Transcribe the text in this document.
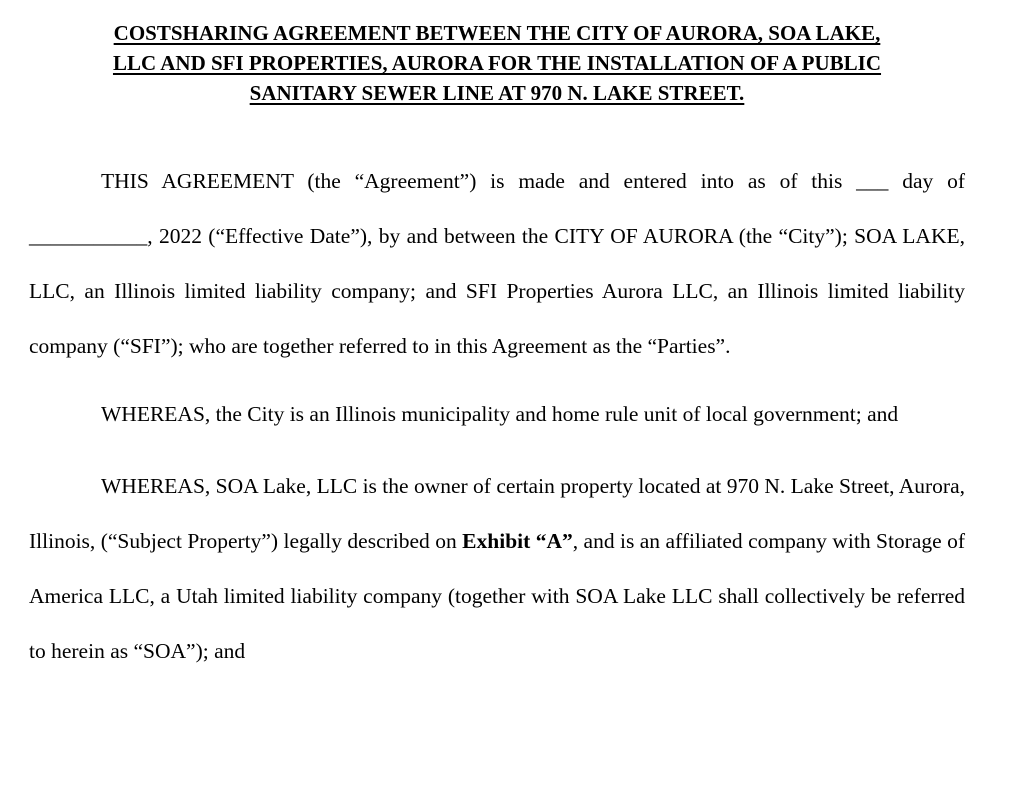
COSTSHARING AGREEMENT BETWEEN THE CITY OF AURORA, SOA LAKE,
LLC AND SFI PROPERTIES, AURORA FOR THE INSTALLATION OF A PUBLIC
SANITARY SEWER LINE AT 970 N. LAKE STREET.

THIS AGREEMENT (the “Agreement”) is made and entered into as of this ___ day of ___________, 2022 (“Effective Date”), by and between the CITY OF AURORA (the “City”); SOA LAKE, LLC, an Illinois limited liability company; and SFI Properties Aurora LLC, an Illinois limited liability company (“SFI”); who are together referred to in this Agreement as the “Parties”.

WHEREAS, the City is an Illinois municipality and home rule unit of local government; and

WHEREAS, SOA Lake, LLC is the owner of certain property located at 970 N. Lake Street, Aurora, Illinois, (“Subject Property”) legally described on Exhibit “A”, and is an affiliated company with Storage of America LLC, a Utah limited liability company (together with SOA Lake LLC shall collectively be referred to herein as “SOA”); and
